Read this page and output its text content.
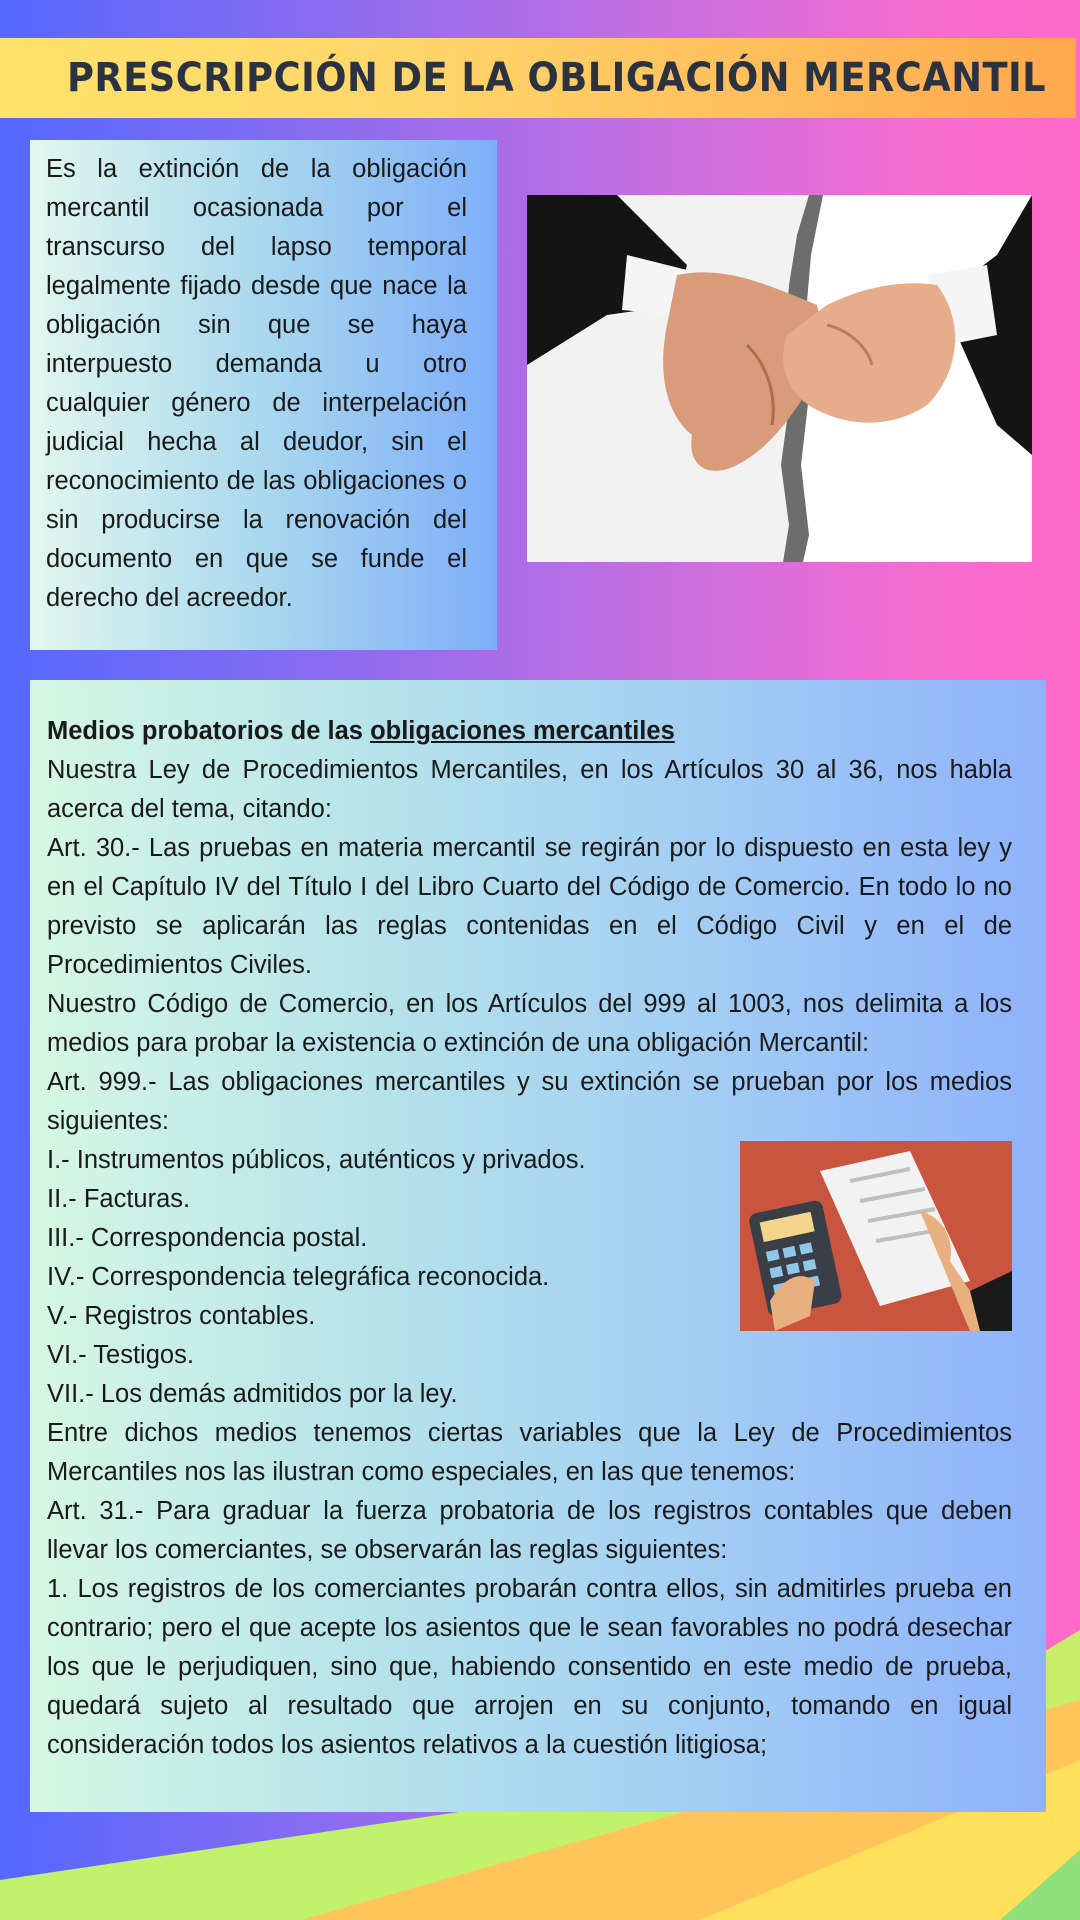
PRESCRIPCIÓN DE LA OBLIGACIÓN MERCANTIL

Es la extinción de la obligación mercantil ocasionada por el transcurso del lapso temporal legalmente fijado desde que nace la obligación sin que se haya interpuesto demanda u otro cualquier género de interpelación judicial hecha al deudor, sin el reconocimiento de las obligaciones o sin producirse la renovación del documento en que se funde el derecho del acreedor.

Medios probatorios de las obligaciones mercantiles

Nuestra Ley de Procedimientos Mercantiles, en los Artículos 30 al 36, nos habla acerca del tema, citando:

Art. 30.- Las pruebas en materia mercantil se regirán por lo dispuesto en esta ley y en el Capítulo IV del Título I del Libro Cuarto del Código de Comercio. En todo lo no previsto se aplicarán las reglas contenidas en el Código Civil y en el de Procedimientos Civiles.

Nuestro Código de Comercio, en los Artículos del 999 al 1003, nos delimita a los medios para probar la existencia o extinción de una obligación Mercantil:

Art. 999.- Las obligaciones mercantiles y su extinción se prueban por los medios siguientes:

I.- Instrumentos públicos, auténticos y privados.
II.- Facturas.
III.- Correspondencia postal.
IV.- Correspondencia telegráfica reconocida.
V.- Registros contables.
VI.- Testigos.
VII.- Los demás admitidos por la ley.

Entre dichos medios tenemos ciertas variables que la Ley de Procedimientos Mercantiles nos las ilustran como especiales, en las que tenemos:

Art. 31.- Para graduar la fuerza probatoria de los registros contables que deben llevar los comerciantes, se observarán las reglas siguientes:

1. Los registros de los comerciantes probarán contra ellos, sin admitirles prueba en contrario; pero el que acepte los asientos que le sean favorables no podrá desechar los que le perjudiquen, sino que, habiendo consentido en este medio de prueba, quedará sujeto al resultado que arrojen en su conjunto, tomando en igual consideración todos los asientos relativos a la cuestión litigiosa;
